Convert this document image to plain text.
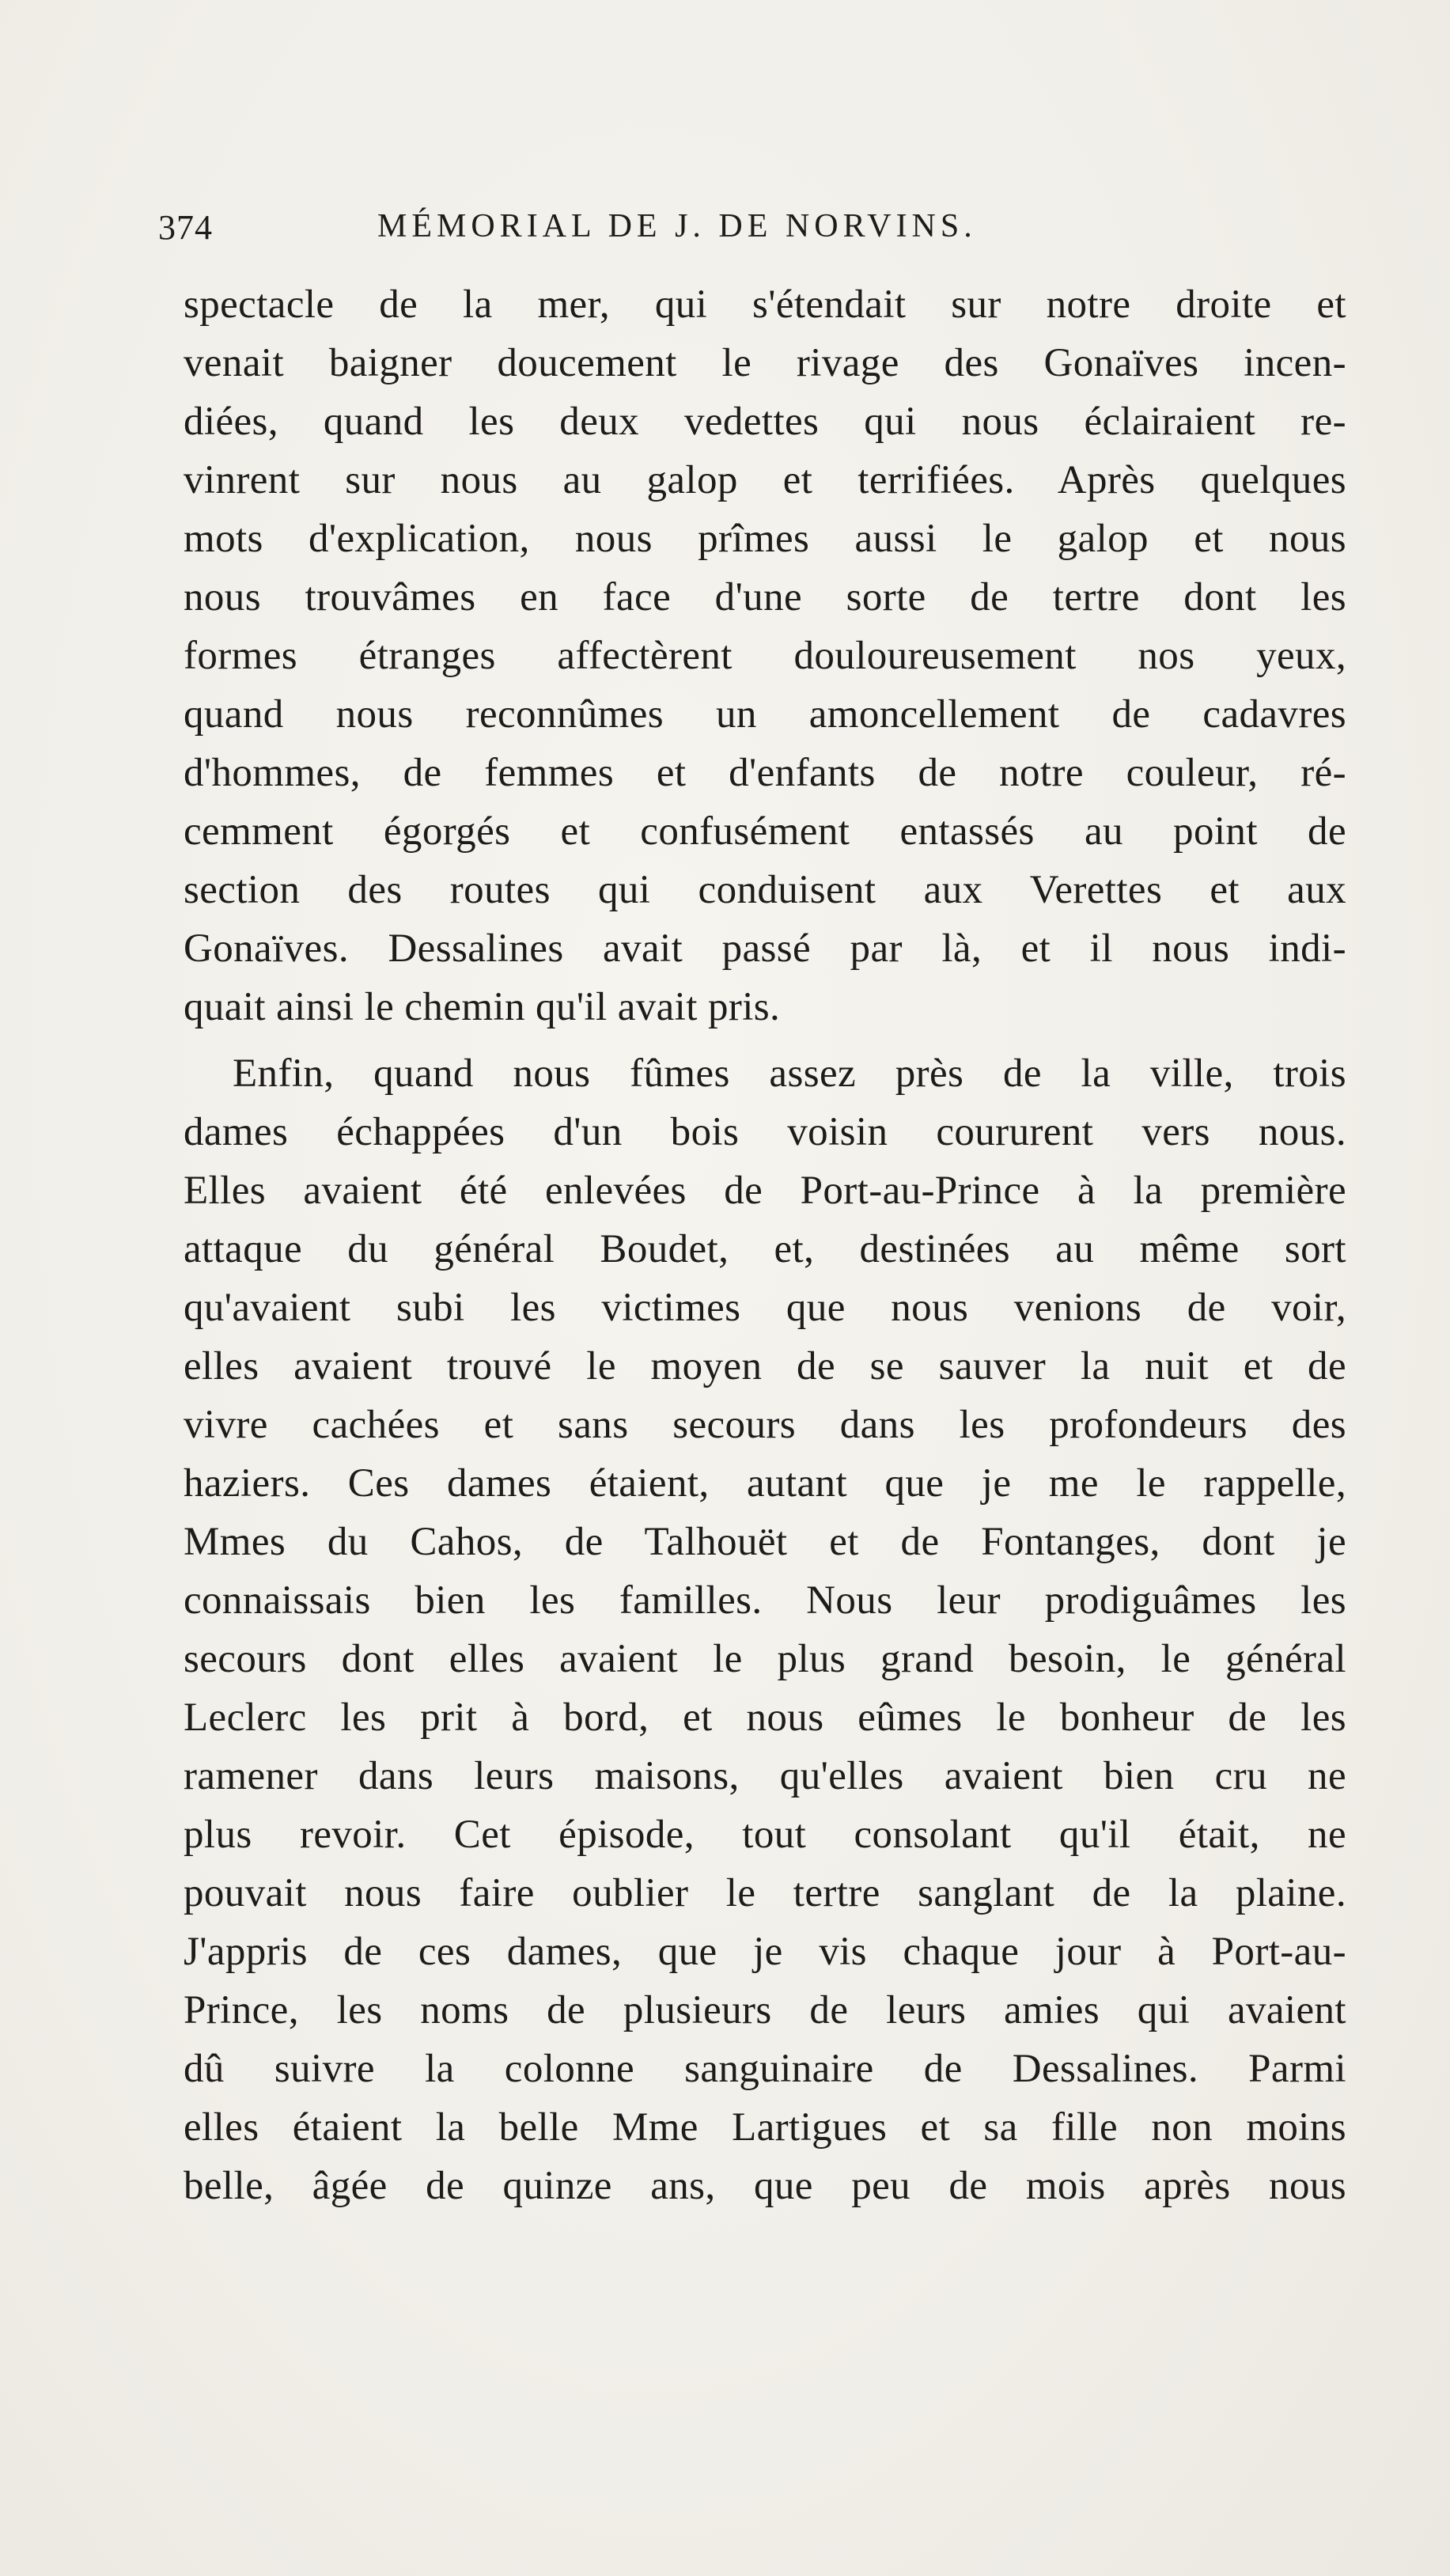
374	MÉMORIAL DE J. DE NORVINS.
spectacle de la mer, qui s'étendait sur notre droite et
venait baigner doucement le rivage des Gonaïves incen-
diées, quand les deux vedettes qui nous éclairaient re-
vinrent sur nous au galop et terrifiées. Après quelques
mots d'explication, nous prîmes aussi le galop et nous
nous trouvâmes en face d'une sorte de tertre dont les
formes étranges affectèrent douloureusement nos yeux,
quand nous reconnûmes un amoncellement de cadavres
d'hommes, de femmes et d'enfants de notre couleur, ré-
cemment égorgés et confusément entassés au point de
section des routes qui conduisent aux Verettes et aux
Gonaïves. Dessalines avait passé par là, et il nous indi-
quait ainsi le chemin qu'il avait pris.
Enfin, quand nous fûmes assez près de la ville, trois
dames échappées d'un bois voisin coururent vers nous.
Elles avaient été enlevées de Port-au-Prince à la première
attaque du général Boudet, et, destinées au même sort
qu'avaient subi les victimes que nous venions de voir,
elles avaient trouvé le moyen de se sauver la nuit et de
vivre cachées et sans secours dans les profondeurs des
haziers. Ces dames étaient, autant que je me le rappelle,
Mmes du Cahos, de Talhouët et de Fontanges, dont je
connaissais bien les familles. Nous leur prodiguâmes les
secours dont elles avaient le plus grand besoin, le général
Leclerc les prit à bord, et nous eûmes le bonheur de les
ramener dans leurs maisons, qu'elles avaient bien cru ne
plus revoir. Cet épisode, tout consolant qu'il était, ne
pouvait nous faire oublier le tertre sanglant de la plaine.
J'appris de ces dames, que je vis chaque jour à Port-au-
Prince, les noms de plusieurs de leurs amies qui avaient
dû suivre la colonne sanguinaire de Dessalines. Parmi
elles étaient la belle Mme Lartigues et sa fille non moins
belle, âgée de quinze ans, que peu de mois après nous
